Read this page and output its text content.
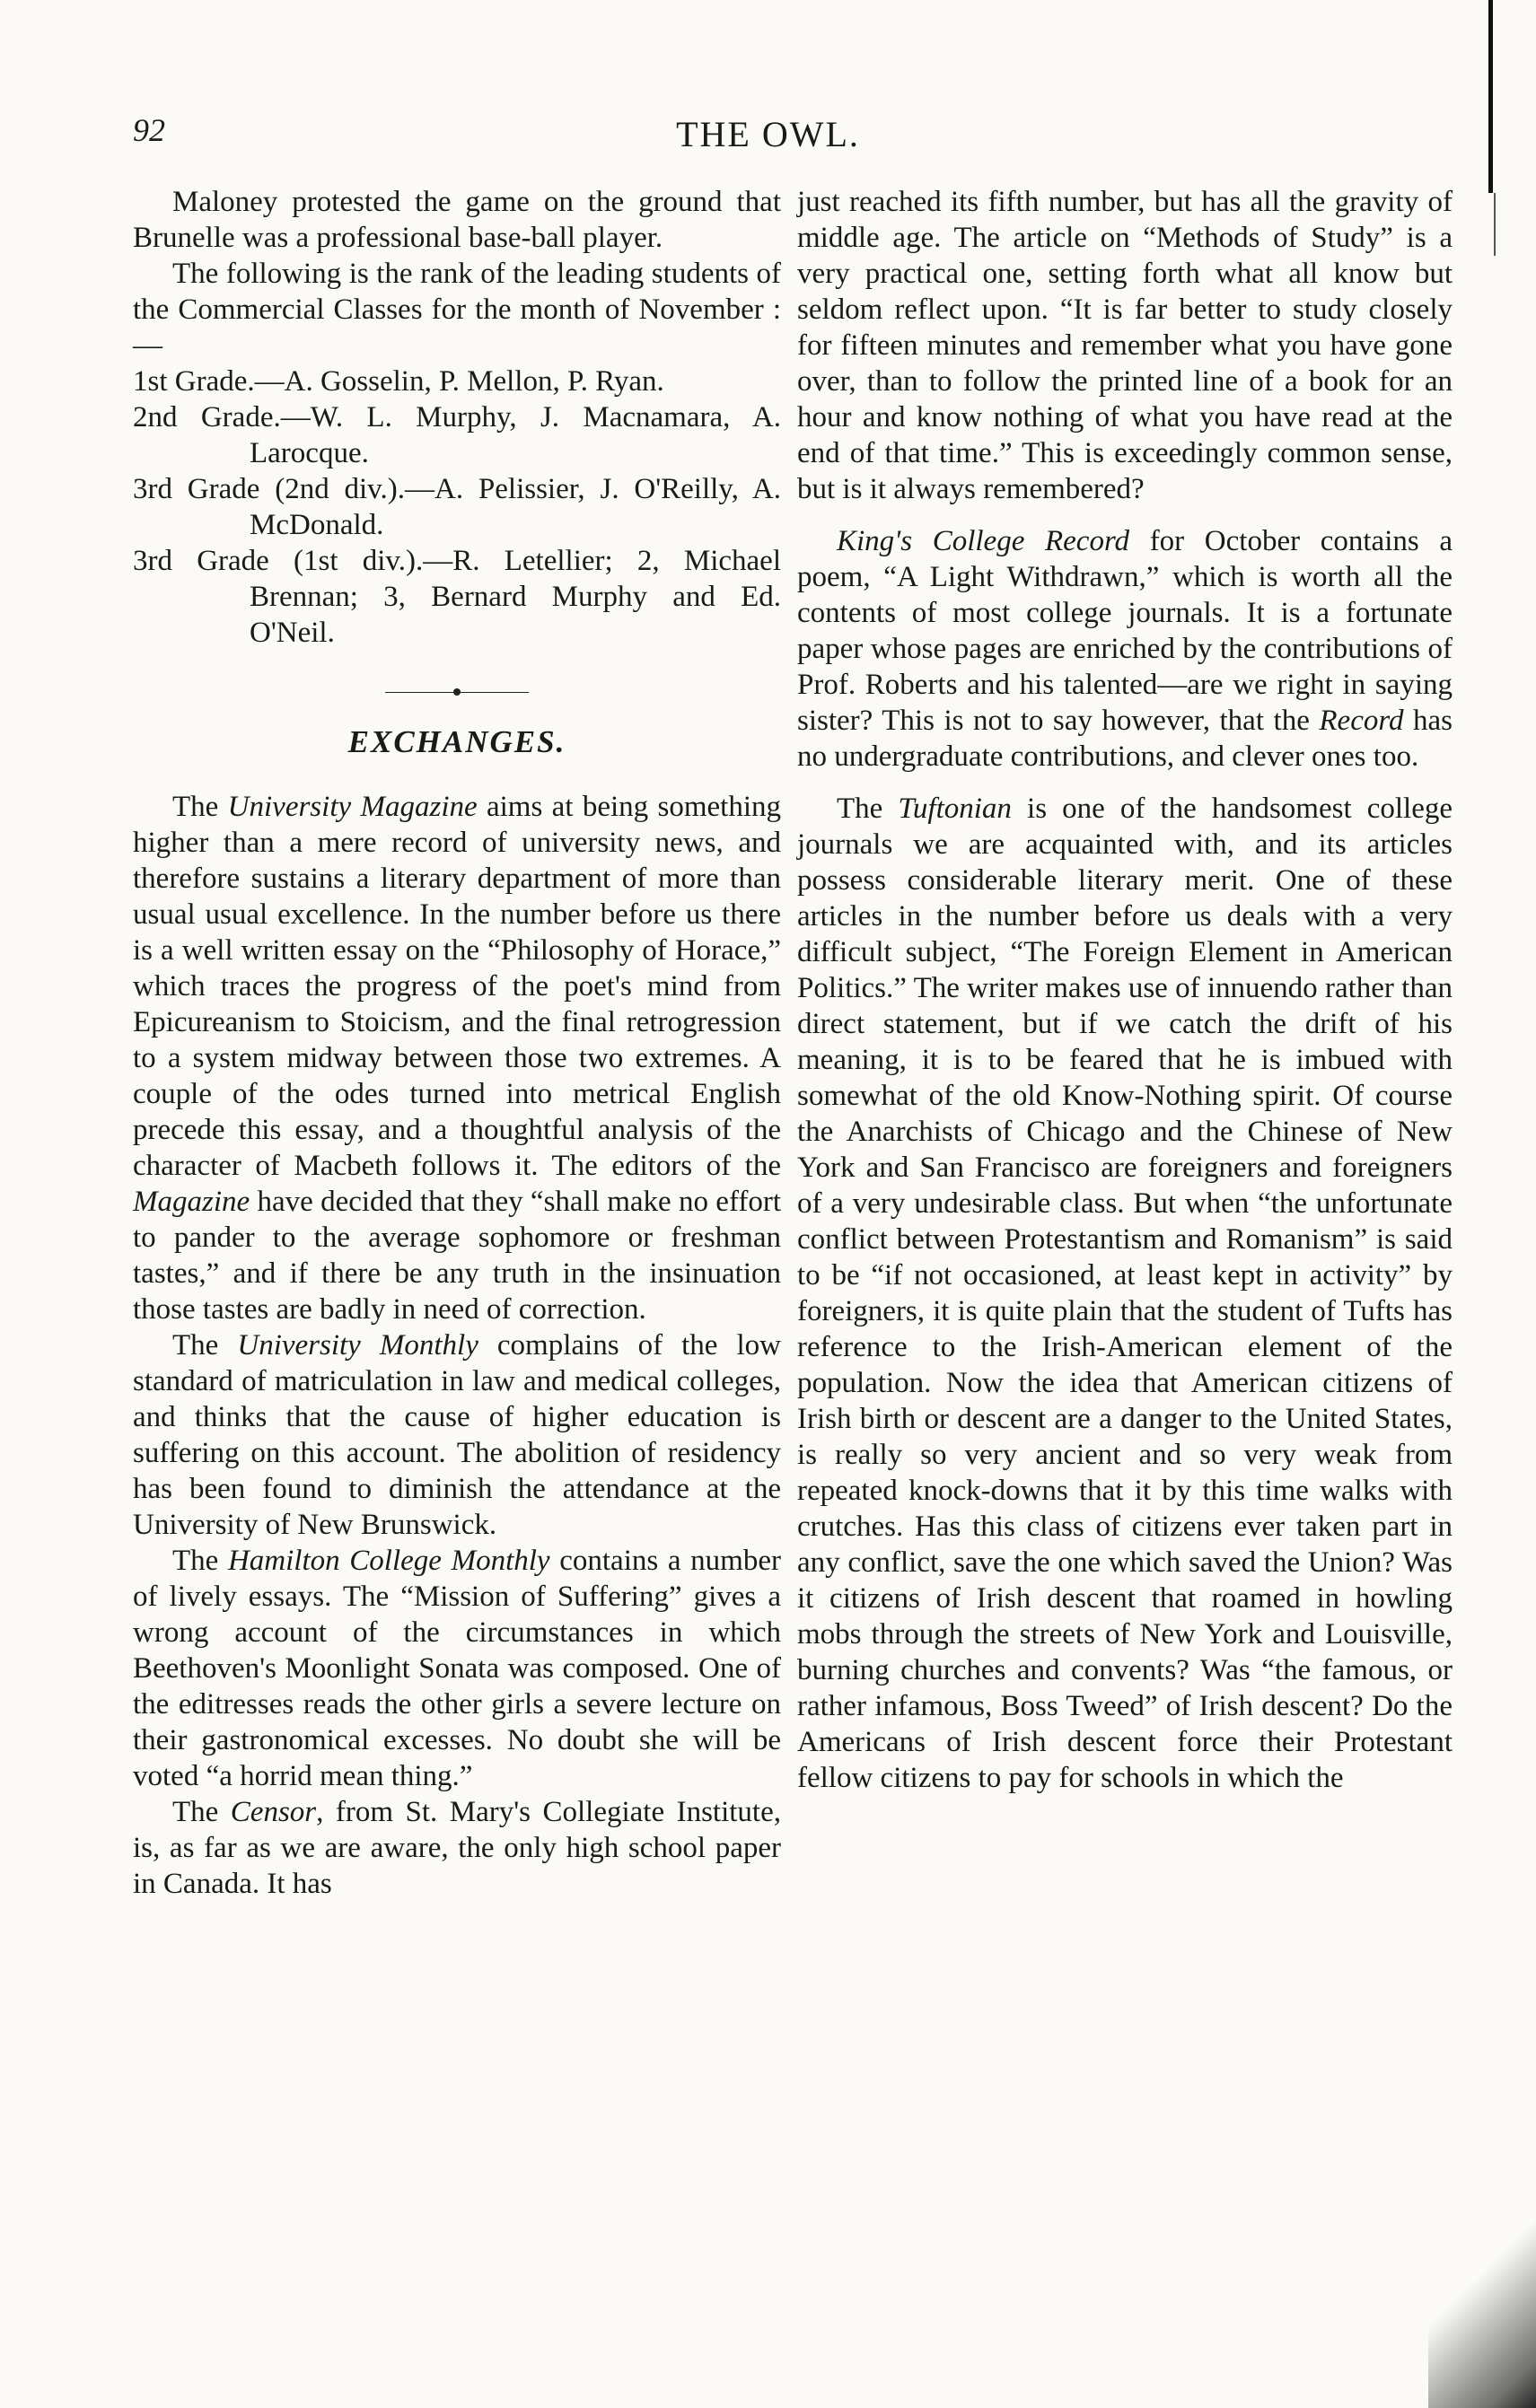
92	THE OWL.

Maloney protested the game on the ground that Brunelle was a professional base-ball player.

The following is the rank of the leading students of the Commercial Classes for the month of November :—

1st Grade.—A. Gosselin, P. Mellon, P. Ryan.

2nd Grade.—W. L. Murphy, J. Macnamara, A. Larocque.

3rd Grade (2nd div.).—A. Pelissier, J. O'Reilly, A. McDonald.

3rd Grade (1st div.).—R. Letellier; 2, Michael Brennan; 3, Bernard Murphy and Ed. O'Neil.

EXCHANGES.

The University Magazine aims at being something higher than a mere record of university news, and therefore sustains a literary department of more than usual usual excellence. In the number before us there is a well written essay on the “Philosophy of Horace,” which traces the progress of the poet's mind from Epicureanism to Stoicism, and the final retrogression to a system midway between those two extremes. A couple of the odes turned into metrical English precede this essay, and a thoughtful analysis of the character of Macbeth follows it. The editors of the Magazine have decided that they “shall make no effort to pander to the average sophomore or freshman tastes,” and if there be any truth in the insinuation those tastes are badly in need of correction.

The University Monthly complains of the low standard of matriculation in law and medical colleges, and thinks that the cause of higher education is suffering on this account. The abolition of residency has been found to diminish the attendance at the University of New Brunswick.

The Hamilton College Monthly contains a number of lively essays. The “Mission of Suffering” gives a wrong account of the circumstances in which Beethoven's Moonlight Sonata was composed. One of the editresses reads the other girls a severe lecture on their gastronomical excesses. No doubt she will be voted “a horrid mean thing.”

The Censor, from St. Mary's Collegiate Institute, is, as far as we are aware, the only high school paper in Canada. It has

just reached its fifth number, but has all the gravity of middle age. The article on “Methods of Study” is a very practical one, setting forth what all know but seldom reflect upon. “It is far better to study closely for fifteen minutes and remember what you have gone over, than to follow the printed line of a book for an hour and know nothing of what you have read at the end of that time.” This is exceedingly common sense, but is it always remembered?

King's College Record for October contains a poem, “A Light Withdrawn,” which is worth all the contents of most college journals. It is a fortunate paper whose pages are enriched by the contributions of Prof. Roberts and his talented—are we right in saying sister? This is not to say however, that the Record has no undergraduate contributions, and clever ones too.

The Tuftonian is one of the handsomest college journals we are acquainted with, and its articles possess considerable literary merit. One of these articles in the number before us deals with a very difficult subject, “The Foreign Element in American Politics.” The writer makes use of innuendo rather than direct statement, but if we catch the drift of his meaning, it is to be feared that he is imbued with somewhat of the old Know-Nothing spirit. Of course the Anarchists of Chicago and the Chinese of New York and San Francisco are foreigners and foreigners of a very undesirable class. But when “the unfortunate conflict between Protestantism and Romanism” is said to be “if not occasioned, at least kept in activity” by foreigners, it is quite plain that the student of Tufts has reference to the Irish-American element of the population. Now the idea that American citizens of Irish birth or descent are a danger to the United States, is really so very ancient and so very weak from repeated knock-downs that it by this time walks with crutches. Has this class of citizens ever taken part in any conflict, save the one which saved the Union? Was it citizens of Irish descent that roamed in howling mobs through the streets of New York and Louisville, burning churches and convents? Was “the famous, or rather infamous, Boss Tweed” of Irish descent? Do the Americans of Irish descent force their Protestant fellow citizens to pay for schools in which the
